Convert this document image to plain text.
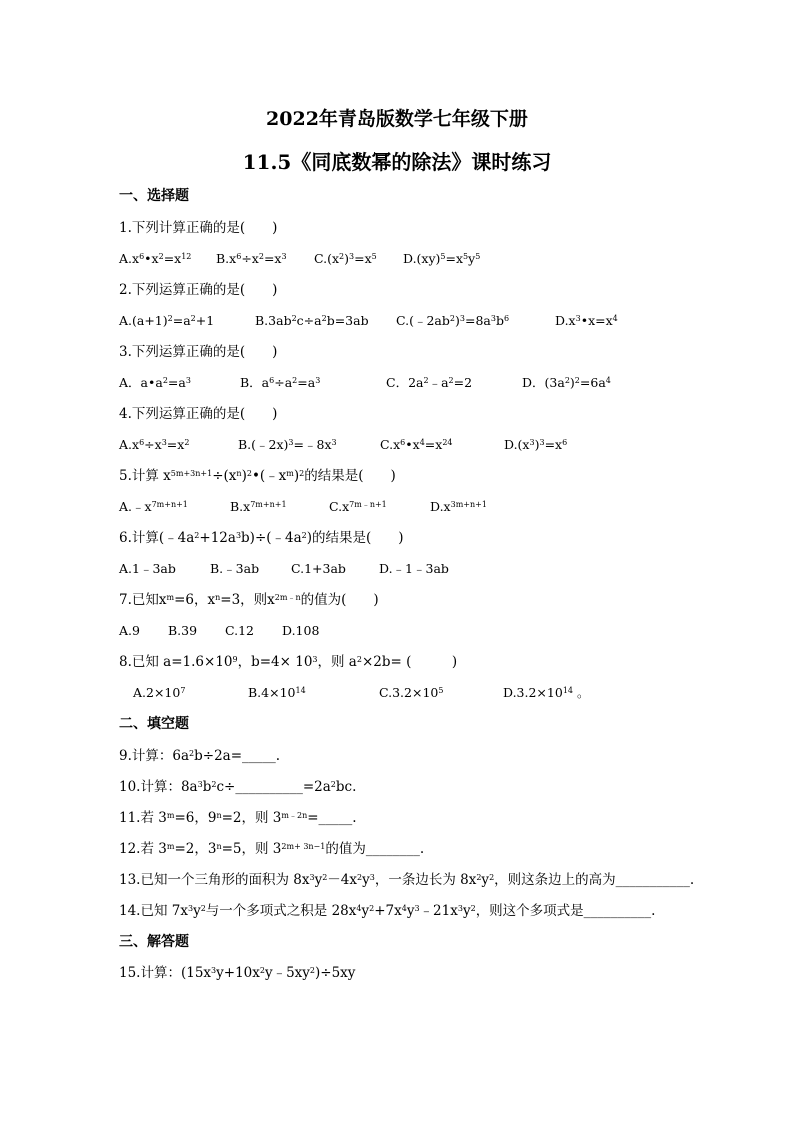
2022年青岛版数学七年级下册
11.5《同底数幂的除法》课时练习
一、选择题
1.下列计算正确的是(　　)
$A.x^6•x^2=x^{12}$ $B.x^6\div x^2=x^3$ $C.(x^2)^3=x^5$ $D.(xy)^5=x^5y^5$
2.下列运算正确的是(　　)
$A.(a+1)^2=a^2+1$	$B.3ab^2c\div a^2b=3ab$ $C.(﹣2ab^2)^3=8a^3b^6$	$D.x^3•x=x^4$
3.下列运算正确的是(　　)
A．$a•a^2=a^3$	B．$a^6\div a^2=a^3$	C．$2a^2﹣a^2=2$	D．$(3a^2)^2=6a^4$
4.下列运算正确的是(　　)
$A.x^6\div x^3=x^2$	$B.(﹣2x)^3=﹣8x^3$	$C.x^6•x^4=x^{24}$	$D.(x^3)^3=x^6$
5.计算 $x^{5m+3n+1}\div(x^n)^2•(﹣x^m)^2$的结果是(　　)
$A.﹣x^{7m+n+1}$	$B.x^{7m+n+1}$	$C.x^{7m﹣n+1}$	$D.x^{3m+n+1}$
6.计算$(﹣4a^2+12a^3b)\div(﹣4a^2)$的结果是(　　)
A.1﹣3ab	B.﹣3ab	C.1+3ab	D.﹣1﹣3ab
7.已知$x^m=6$，$x^n=3$，则$x^{2m﹣n}$的值为(　　)
A.9 B.39 C.12 D.108
8.已知 $a=1.6\times 10^9$，$b=4\times 10^3$，则 $a^2\times 2b=$ (　　　)
$A.2\times 10^7$	$B.4\times 10^{14}$	$C.3.2\times 10^5$	$D.3.2\times 10^{14}$ 。
二、填空题
9.计算：$6a^2b\div 2a=\_\_\_\_\_$.
10.计算：$8a^3b^2c\div\_\_\_\_\_\_\_\_\_\_=2a^2bc$.
11.若 $3^m=6$，$9^n=2$，则 $3^{m﹣2n}=\_\_\_\_\_$.
12.若 $3^m=2$，$3^n=5$，则 $3^{2m+ 3n-1}$的值为________.
13.已知一个三角形的面积为 $8x^3y^2-4x^2y^3$，一条边长为 $8x^2y^2$，则这条边上的高为___________.
14.已知 $7x^3y^2$与一个多项式之积是 $28x^4y^2+7x^4y^3﹣21x^3y^2$，则这个多项式是__________.
三、解答题
15.计算：$(15x^3y+10x^2y﹣5xy^2)\div 5xy$
